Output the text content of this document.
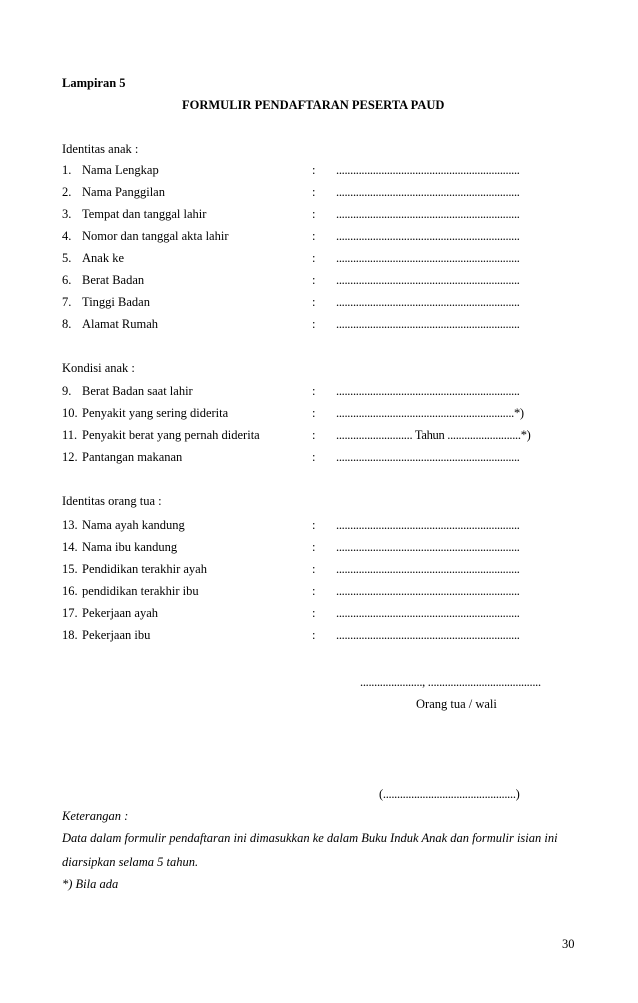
Lampiran 5
FORMULIR PENDAFTARAN PESERTA PAUD
Identitas anak :
1. Nama Lengkap	: .................................................................
2. Nama Panggilan	: .................................................................
3. Tempat dan tanggal lahir	: .................................................................
4. Nomor dan tanggal akta lahir	: .................................................................
5. Anak ke	: .................................................................
6. Berat Badan	: .................................................................
7. Tinggi Badan	: .................................................................
8. Alamat Rumah	: .................................................................
Kondisi anak :
9. Berat Badan saat lahir	: .................................................................
10. Penyakit yang sering diderita	: ...............................................................*)
11. Penyakit berat yang pernah diderita	: ........................... Tahun ..........................*)
12. Pantangan makanan	: .................................................................
Identitas orang tua :
13. Nama ayah kandung	: .................................................................
14. Nama ibu kandung	: .................................................................
15. Pendidikan terakhir ayah	: .................................................................
16. pendidikan terakhir ibu	: .................................................................
17. Pekerjaan ayah	: .................................................................
18. Pekerjaan ibu	: .................................................................
......................, ........................................
Orang tua / wali
(...............................................)
Keterangan :
Data dalam formulir pendaftaran ini dimasukkan ke dalam Buku Induk Anak dan formulir isian ini
diarsipkan selama 5 tahun.
*) Bila ada
30
